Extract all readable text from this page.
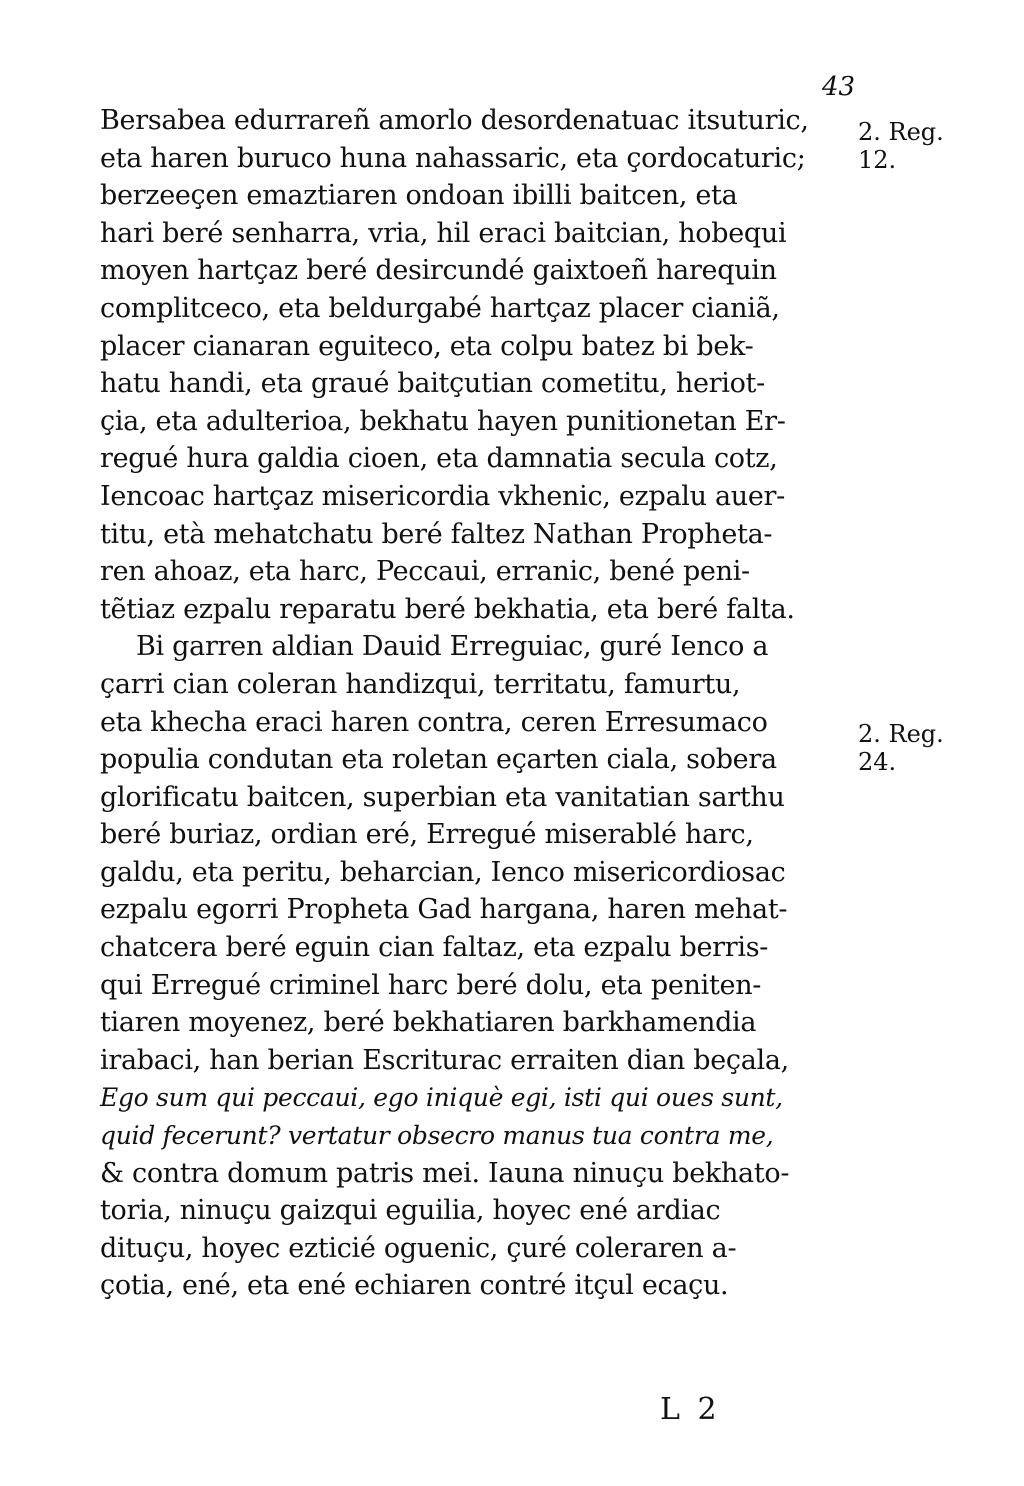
43
Bersabea edurrareñ amorlo desordenatuac itsuturic,
eta haren buruco huna nahassaric, eta çordocaturic;
berzeeçen emaztiaren ondoan ibilli baitcen, eta
hari beré senharra, vria, hil eraci baitcian, hobequi
moyen hartçaz beré desircundé gaixtoeñ harequin
complitceco, eta beldurgabé hartçaz placer cianiã,
placer cianaran eguiteco, eta colpu batez bi bek-
hatu handi, eta graué baitçutian cometitu, heriot-
çia, eta adulterioa, bekhatu hayen punitionetan Er-
regué hura galdia cioen, eta damnatia secula cotz,
Iencoac hartçaz misericordia vkhenic, ezpalu auer-
titu, età mehatchatu beré faltez Nathan Propheta-
ren ahoaz, eta harc, Peccaui, erranic, bené peni-
tẽtiaz ezpalu reparatu beré bekhatia, eta beré falta.
Bi garren aldian Dauid Erreguiac, guré Ienco a
çarri cian coleran handizqui, territatu, famurtu,
eta khecha eraci haren contra, ceren Erresumaco
populia condutan eta roletan eçarten ciala, sobera
glorificatu baitcen, superbian eta vanitatian sarthu
beré buriaz, ordian eré, Erregué miserablé harc,
galdu, eta peritu, beharcian, Ienco misericordiosac
ezpalu egorri Propheta Gad hargana, haren mehat-
chatcera beré eguin cian faltaz, eta ezpalu berris-
qui Erregué criminel harc beré dolu, eta peniten-
tiaren moyenez, beré bekhatiaren barkhamendia
irabaci, han berian Escriturac erraiten dian beçala,
Ego sum qui peccaui, ego iniquè egi, isti qui oues sunt,
quid fecerunt? vertatur obsecro manus tua contra me,
& contra domum patris mei. Iauna ninuçu bekhato-
toria, ninuçu gaizqui eguilia, hoyec ené ardiac
dituçu, hoyec ezticié oguenic, çuré coleraren a-
çotia, ené, eta ené echiaren contré itçul ecaçu.
2. Reg.
12.
2. Reg.
24.
L 2
